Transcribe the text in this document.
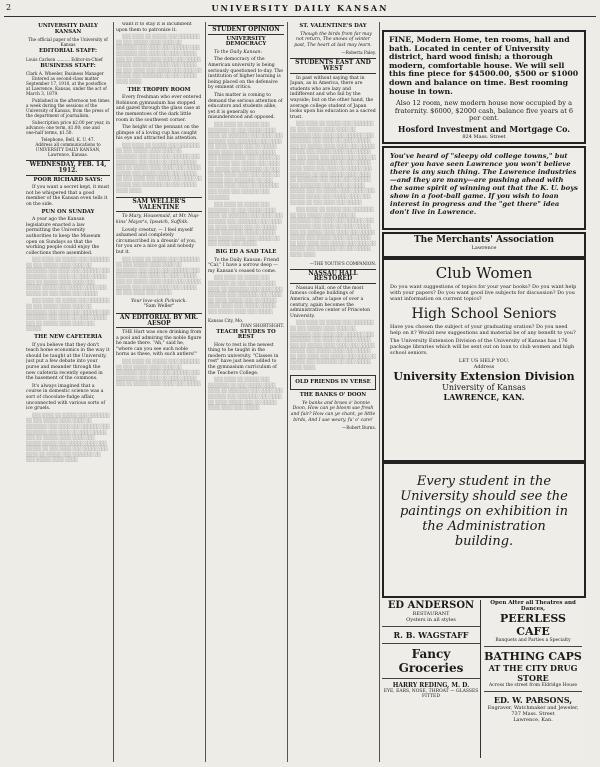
2	UNIVERSITY DAILY KANSAN
UNIVERSITY DAILY KANSAN
The official paper of the University of Kansas
EDITORIAL STAFF:
Louis Carlson .......... Editor-in-Chief
BUSINESS STAFF:
Clark A. Wheeler, Business Manager

Entered as second-class matter September 17, 1910, at the postoffice at Lawrence, Kansas, under the act of March 3, 1879.

Published in the afternoon ten times a week during the sessions of the University of Kansas, from the press of the department of journalism.

Subscription price $2.00 per year, in advance; one term, $1.00; one and one-half terms, $1.50.

Telephone, Bell, K. U. 47.
Address all communications to UNIVERSITY DAILY KANSAN, Lawrence, Kansas.
WEDNESDAY, FEB. 14, 1912.
POOR RICHARD SAYS:

If you want a secret kept, it must not be whispered that a good member of the Kansan even tells it on the side.

PUN ON SUNDAY

A year ago the Kansan legislature enacted a law permitting the University authorities to keep the Museum open on Sundays so that the working people could enjoy the collections there assembled.

░░░ ░░░░ ░░ ░░░░░ ░░░ ░░░░░░░ ░░ ░░░ ░░░░░ ░░░░ ░░░░ ░░ ░░░░░░░ ░░░ ░░░░ ░░░ ░░░░░░ ░░░ ░░░░░░░ ░░░ ░░░░ ░░ ░░░░ ░░░░░ ░░░ ░░ ░░░░░ ░░░░ ░░░░ ░░░ ░░░░░ ░░░░░ ░░░ ░░░░░ ░░░░ ░░░ ░░░░░ ░░ ░░░ ░░░░ ░░░ ░░░░░

░░░ ░░░░ ░░ ░░░░░ ░░░ ░░░░░░░ ░░ ░░░ ░░░░░ ░░░░ ░░░░ ░░ ░░░░░░░ ░░░ ░░░░ ░░░ ░░░░░░ ░░░ ░░░░░░░ ░░░ ░░░░ ░░ ░░░░ ░░░░░ ░░░ ░░ ░░░░░ ░░░░ ░░░░ ░░░ ░░░░░

THE NEW CAFETERIA

If you believe that they don't teach home economics in the way it should be taught at the University, just put a few debate into your purse and meander through the new cafeteria recently opened in the basement of the commons.

It's always imagined that a course in domestic science was a sort of chocolate-fudge affair, unconnected with various sorts of ice gruels.

░░░ ░░░░ ░░ ░░░░░ ░░░ ░░░░░░░ ░░ ░░░ ░░░░░ ░░░░ ░░░░ ░░ ░░░░░░░ ░░░ ░░░░ ░░░ ░░░░░░ ░░░ ░░░░░░░ ░░░ ░░░░ ░░ ░░░░ ░░░░░ ░░░ ░░ ░░░░░ ░░░░ ░░░░ ░░░ ░░░░░ ░░░░░ ░░░ ░░░░░ ░░░░ ░░░ ░░░░░ ░░ ░░░ ░░░░ ░░░ ░░░░░ ░░░ ░░░░ ░░ ░░░░░ ░░░ ░░░░░░░ ░░ ░░░ ░░░░░ ░░░░ ░░░░

want it to stay it is incumbent upon them to patronize it.

░░░ ░░░░ ░░ ░░░░░ ░░░ ░░░░░░░ ░░ ░░░ ░░░░░ ░░░░ ░░░░ ░░ ░░░░░░░ ░░░ ░░░░ ░░░ ░░░░░░ ░░░ ░░░░░░░ ░░░ ░░░░ ░░ ░░░░ ░░░░░ ░░░ ░░ ░░░░░ ░░░░ ░░░░ ░░░ ░░░░░ ░░░░░ ░░░ ░░░░░ ░░░░ ░░░ ░░░░░ ░░ ░░░ ░░░░ ░░░ ░░░░░ ░░░ ░░░░ ░░ ░░░░░ ░░░ ░░░░░░░ ░░ ░░░ ░░░░░ ░░░░ ░░░░

THE TROPHY ROOM

Every freshman who ever entered Robinson gymnasium has stopped and gazed through the glass case at the mementoes of the dark little room in the southwest corner.

The height of the pennant on the glimpse of a loving cup has caught his eye and attracted his attention.

░░░ ░░░░ ░░ ░░░░░ ░░░ ░░░░░░░ ░░ ░░░ ░░░░░ ░░░░ ░░░░ ░░ ░░░░░░░ ░░░ ░░░░ ░░░ ░░░░░░ ░░░ ░░░░░░░ ░░░ ░░░░ ░░ ░░░░ ░░░░░ ░░░ ░░ ░░░░░ ░░░░ ░░░░ ░░░ ░░░░░ ░░░░░ ░░░ ░░░░░ ░░░░ ░░░ ░░░░░ ░░ ░░░ ░░░░ ░░░ ░░░░░ ░░░ ░░░░ ░░ ░░░░░ ░░░ ░░░░░░░ ░░ ░░░ ░░░░░ ░░░░ ░░░░

SAM WELLER'S VALENTINE

To Mary, Housemaid, at Mr. Nup-kins' Mayor's, Ipswich, Suffolk.

Lovely creetur, — I feel myself ashamed and completely circumscribed in a dressin' of you, for you are a nice gal and nobody but it.

░░░ ░░░░ ░░ ░░░░░ ░░░ ░░░░░░░ ░░ ░░░ ░░░░░ ░░░░ ░░░░ ░░ ░░░░░░░ ░░░ ░░░░ ░░░ ░░░░░░ ░░░ ░░░░░░░ ░░░ ░░░░ ░░ ░░░░ ░░░░░ ░░░ ░░ ░░░░░ ░░░░ ░░░░ ░░░ ░░░░░ ░░░░░ ░░░ ░░░░░ ░░░░ ░░░ ░░░░░ ░░ ░░░ ░░░░ ░░░ ░░░░░

Your love-sick Pickwick.
"Sam Weller"
AN EDITORIAL BY MR. AESOP

THE Hart was once drinking from a pool and admiring the noble figure he made there. "Ah," said he, "where can you see such noble horns as these, with such antlers!"

░░░ ░░░░ ░░ ░░░░░ ░░░ ░░░░░░░ ░░ ░░░ ░░░░░ ░░░░ ░░░░ ░░ ░░░░░░░ ░░░ ░░░░ ░░░ ░░░░░░ ░░░ ░░░░░░░ ░░░ ░░░░ ░░ ░░░░ ░░░░░ ░░░ ░░ ░░░░░ ░░░░ ░░░░ ░░░ ░░░░░

STUDENT OPINION
UNIVERSITY DEMOCRACY

To the Daily Kansan:

The democracy of the American university is being seriously questioned to-day. The institution of higher learning is being placed on the defensive by eminent critics.

This matter is coming to demand the serious attention of educators and students alike, yet it is generally so misunderstood and opposed.

░░░ ░░░░ ░░ ░░░░░ ░░░ ░░░░░░░ ░░ ░░░ ░░░░░ ░░░░ ░░░░ ░░ ░░░░░░░ ░░░ ░░░░ ░░░ ░░░░░░ ░░░ ░░░░░░░ ░░░ ░░░░ ░░ ░░░░ ░░░░░ ░░░ ░░ ░░░░░ ░░░░ ░░░░ ░░░ ░░░░░ ░░░░░ ░░░ ░░░░░ ░░░░ ░░░ ░░░░░ ░░ ░░░ ░░░░ ░░░ ░░░░░ ░░░ ░░░░ ░░ ░░░░░ ░░░ ░░░░░░░ ░░ ░░░ ░░░░░ ░░░░ ░░░░ ░░░ ░░░░ ░░ ░░░░░ ░░░ ░░░░░░░ ░░ ░░░ ░░░░░ ░░░░ ░░░░ ░░ ░░░░░░░ ░░░ ░░░░ ░░░ ░░░░░░ ░░░ ░░░░░░░

░░░ ░░░░ ░░ ░░░░░ ░░░ ░░░░░░░ ░░ ░░░ ░░░░░ ░░░░ ░░░░ ░░ ░░░░░░░ ░░░ ░░░░ ░░░ ░░░░░░ ░░░ ░░░░░░░ ░░░ ░░░░ ░░ ░░░░ ░░░░░ ░░░ ░░ ░░░░░ ░░░░ ░░░░ ░░░ ░░░░░ ░░░░░ ░░░ ░░░░░ ░░░░ ░░░ ░░░░░ ░░ ░░░ ░░░░ ░░░ ░░░░░

BIG ED A SAD TALE

To the Daily Kansan: Friend "Cal," I have a sorrow deep — my Kansan's ceased to come.

░░░ ░░░░ ░░ ░░░░░ ░░░ ░░░░░░░ ░░ ░░░ ░░░░░ ░░░░ ░░░░ ░░ ░░░░░░░ ░░░ ░░░░ ░░░ ░░░░░░ ░░░ ░░░░░░░ ░░░ ░░░░ ░░ ░░░░ ░░░░░ ░░░ ░░ ░░░░░ ░░░░ ░░░░ ░░░ ░░░░░ ░░░░░ ░░░ ░░░░░ ░░░░ ░░░ ░░░░░

Kansas City, Mo.
IVAN SHORTSIGHT.
TEACH STUDES TO REST

How to rest is the newest thing to be taught in the modern university. "Classes in rest" have just been added to the gymnasium curriculum of the Teachers College.

░░░ ░░░░ ░░ ░░░░░ ░░░ ░░░░░░░ ░░ ░░░ ░░░░░ ░░░░ ░░░░ ░░ ░░░░░░░ ░░░ ░░░░ ░░░ ░░░░░░ ░░░ ░░░░░░░ ░░░ ░░░░ ░░ ░░░░ ░░░░░ ░░░ ░░ ░░░░░ ░░░░ ░░░░ ░░░ ░░░░░

ST. VALENTINE'S DAY

Though the birds from far may not return, The snows of winter past, The heart at last may learn.

—Roberta Paley.
STUDENTS EAST AND WEST

In past without saying that in Japan, as in America, there are students who are lazy and indifferent and who fail by the wayside; but on the other hand, the average college student of Japan looks upon his education as a sacred trust.

░░░ ░░░░ ░░ ░░░░░ ░░░ ░░░░░░░ ░░ ░░░ ░░░░░ ░░░░ ░░░░ ░░ ░░░░░░░ ░░░ ░░░░ ░░░ ░░░░░░ ░░░ ░░░░░░░ ░░░ ░░░░ ░░ ░░░░ ░░░░░ ░░░ ░░ ░░░░░ ░░░░ ░░░░ ░░░ ░░░░░ ░░░░░ ░░░ ░░░░░ ░░░░ ░░░ ░░░░░ ░░ ░░░ ░░░░ ░░░ ░░░░░ ░░░ ░░░░ ░░ ░░░░░ ░░░ ░░░░░░░ ░░ ░░░ ░░░░░ ░░░░ ░░░░ ░░░ ░░░░ ░░ ░░░░░ ░░░ ░░░░░░░ ░░ ░░░ ░░░░░ ░░░░ ░░░░ ░░ ░░░░░░░ ░░░ ░░░░ ░░░ ░░░░░░ ░░░ ░░░░░░░ ░░░ ░░░░ ░░ ░░░░ ░░░░░ ░░░ ░░ ░░░░░ ░░░░ ░░░░ ░░░ ░░░░░ ░░░░░ ░░░ ░░░░░ ░░░░ ░░░ ░░░░░ ░░ ░░░ ░░░░ ░░░ ░░░░░

░░░ ░░░░ ░░ ░░░░░ ░░░ ░░░░░░░ ░░ ░░░ ░░░░░ ░░░░ ░░░░ ░░ ░░░░░░░ ░░░ ░░░░ ░░░ ░░░░░░ ░░░ ░░░░░░░ ░░░ ░░░░ ░░ ░░░░ ░░░░░ ░░░ ░░ ░░░░░ ░░░░ ░░░░ ░░░ ░░░░░ ░░░░░ ░░░ ░░░░░ ░░░░ ░░░ ░░░░░ ░░ ░░░ ░░░░ ░░░ ░░░░░ ░░░ ░░░░ ░░ ░░░░░ ░░░ ░░░░░░░ ░░ ░░░ ░░░░░ ░░░░ ░░░░

—THE YOUTH'S COMPANION.
NASSAU HALL RESTORED

Nassau Hall, one of the most famous college buildings of America, after a lapse of over a century, again becomes the administrative center of Princeton University.

░░░ ░░░░ ░░ ░░░░░ ░░░ ░░░░░░░ ░░ ░░░ ░░░░░ ░░░░ ░░░░ ░░ ░░░░░░░ ░░░ ░░░░ ░░░ ░░░░░░ ░░░ ░░░░░░░ ░░░ ░░░░ ░░ ░░░░ ░░░░░ ░░░ ░░ ░░░░░ ░░░░ ░░░░ ░░░ ░░░░░ ░░░░░ ░░░ ░░░░░ ░░░░ ░░░ ░░░░░ ░░ ░░░ ░░░░ ░░░ ░░░░░ ░░░ ░░░░ ░░ ░░░░░ ░░░ ░░░░░░░ ░░ ░░░ ░░░░░ ░░░░ ░░░░

OLD FRIENDS IN VERSE
THE BANKS O' DOON

Ye banks and braes o' bonnie Doon, How can ye bloom sae fresh and fair? How can ye chant, ye little birds, And I sae weary, fu' o' care!

—Robert Burns.
FINE, Modern Home, ten rooms, hall and bath. Located in center of University district, hard wood finish; a thorough modern, comfortable house. We will sell this fine piece for $4500.00, $500 or $1000 down and balance on time. Best rooming house in town.
Also 12 room, new modern house now occupied by a fraternity. $6000, $2000 cash, balance five years at 6 per cent.
Hosford Investment and Mortgage Co.
824 Mass. Street
You've heard of "sleepy old college towns," but after you have seen Lawrence you won't believe there is any such thing. The Lawrence industries—and they are many—are pushing ahead with the same spirit of winning out that the K. U. boys show in a foot-ball game. If you wish to loan interest in progress and the "get there" idea don't live in Lawrence.
The Merchants' Association
Lawrence
Club Women
Do you want suggestions of topics for your year books? Do you want help with your papers? Do you want good live subjects for discussion? Do you want information on current topics?
High School Seniors
Have you chosen the subject of your graduating oration? Do you need help on it? Would new suggestions and material be of any benefit to you?
The University Extension Division of the University of Kansas has 176 package libraries which will be sent out on loan to club women and high school seniors.
LET US HELP YOU.
Address
University Extension Division
University of Kansas
LAWRENCE, KAN.
Every student in the University should see the paintings on exhibition in the Administration building.
ED ANDERSON
RESTAURANT
Oysters in all styles
R. B. WAGSTAFF
Fancy Groceries
HARRY REDING, M. D.
EYE, EARS, NOSE, THROAT — GLASSES FITTED
Open After all Theatres and Dances,
PEERLESS CAFE
Banquets and Parties a Specialty
BATHING CAPS
AT THE CITY DRUG STORE
Across the street from Eldridge House
ED. W. PARSONS,
Engraver, Watchmaker and Jeweler,
737 Mass. Street
Lawrence, Kan.
